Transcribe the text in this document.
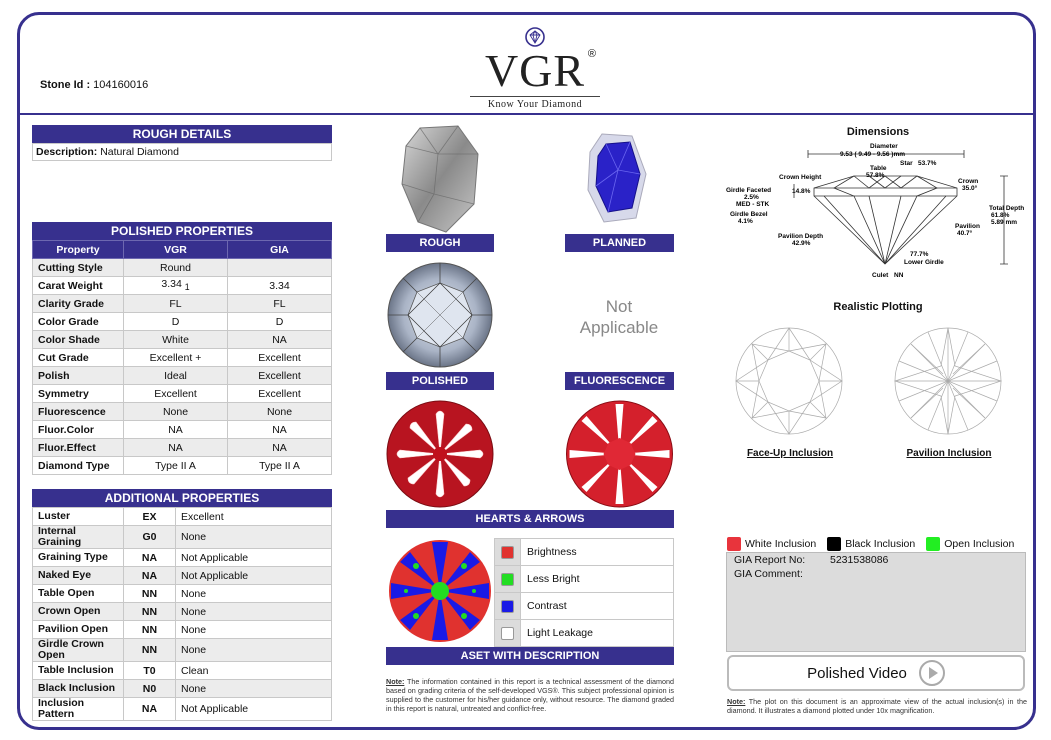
Stone Id : 104160016	VGR ®
Know Your Diamond
ROUGH DETAILS
Description: Natural Diamond
POLISHED PROPERTIES
Property	VGR	GIA
Cutting Style	Round	
Carat Weight	3.34 $_1$	3.34
Clarity Grade	FL	FL
Color Grade	D	D
Color Shade	White	NA
Cut Grade	Excellent +	Excellent
Polish	Ideal	Excellent
Symmetry	Excellent	Excellent
Fluorescence	None	None
Fluor.Color	NA	NA
Fluor.Effect	NA	NA
Diamond Type	Type II A	Type II A
ADDITIONAL PROPERTIES
Luster	EX	Excellent
Internal Graining	G0	None
Graining Type	NA	Not Applicable
Naked Eye	NA	Not Applicable
Table Open	NN	None
Crown Open	NN	None
Pavilion Open	NN	None
Girdle Crown Open	NN	None
Table Inclusion	T0	Clean
Black Inclusion	N0	None
Inclusion Pattern	NA	Not Applicable
ROUGH	PLANNED
POLISHED
Not
Applicable
FLUORESCENCE
HEARTS & ARROWS
	Brightness
	Less Bright
	Contrast
	Light Leakage
ASET WITH DESCRIPTION
Note: The information contained in this report is a technical assessment of the diamond based on grading criteria of the self-developed VGS®. This subject professional opinion is supplied to the customer for his/her guidance only, without resource. The diamond graded in this report is natural, untreated and conflict-free.
Dimensions
Diameter
9.53 ( 9.49 - 9.56 )mm
Star 53.7%
Table
57.8%
Crown Height
14.8%
Crown
35.0°
Girdle Faceted
2.5%
MED - STK
Girdle Bezel
4.1%
Total Depth
61.8%
5.89 mm
Pavilion
40.7°
Pavilion Depth
42.9%
77.7%
Lower Girdle
Culet NN
Realistic Plotting
Face-Up Inclusion	Pavilion Inclusion
White Inclusion	Black Inclusion	Open Inclusion
GIA Report No:	5231538086
GIA Comment:
Polished Video
Note: The plot on this document is an approximate view of the actual inclusion(s) in the diamond. It illustrates a diamond plotted under 10x magnification.
